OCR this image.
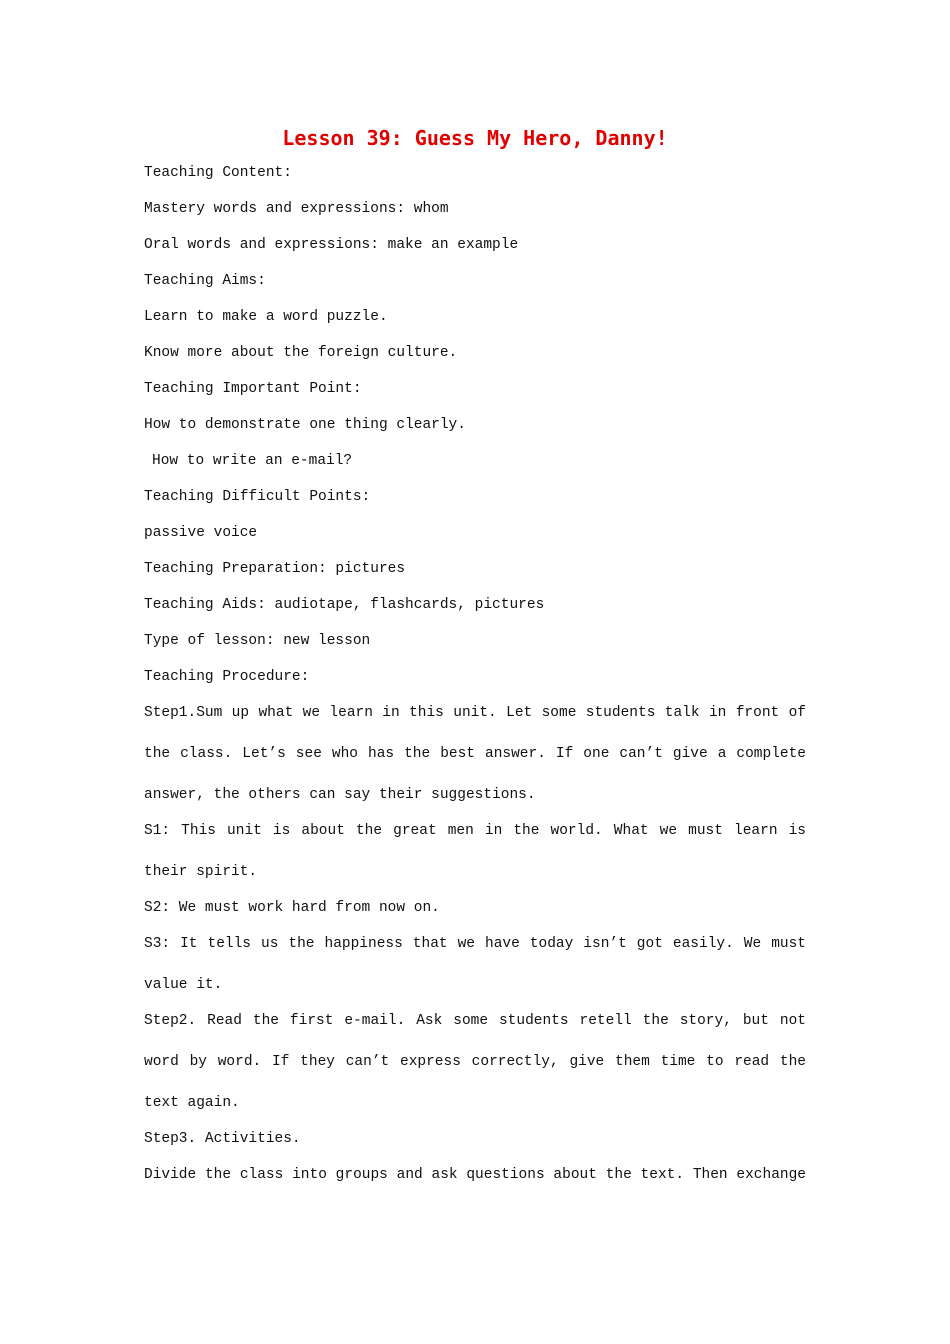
Lesson 39: Guess My Hero, Danny!
Teaching Content:
Mastery words and expressions: whom
Oral words and expressions: make an example
Teaching Aims:
Learn to make a word puzzle.
Know more about the foreign culture.
Teaching Important Point:
How to demonstrate one thing clearly.
How to write an e-mail?
Teaching Difficult Points:
passive voice
Teaching Preparation: pictures
Teaching Aids: audiotape, flashcards, pictures
Type of lesson: new lesson
Teaching Procedure:
Step1.Sum up what we learn in this unit. Let some students talk in front of the class. Let’s see who has the best answer. If one can’t give a complete answer, the others can say their suggestions.
S1: This unit is about the great men in the world. What we must learn is their spirit.
S2: We must work hard from now on.
S3: It tells us the happiness that we have today isn’t got easily. We must value it.
Step2. Read the first e-mail. Ask some students retell the story, but not word by word. If they can’t express correctly, give them time to read the text again.
Step3. Activities.
Divide the class into groups and ask questions about the text. Then exchange
